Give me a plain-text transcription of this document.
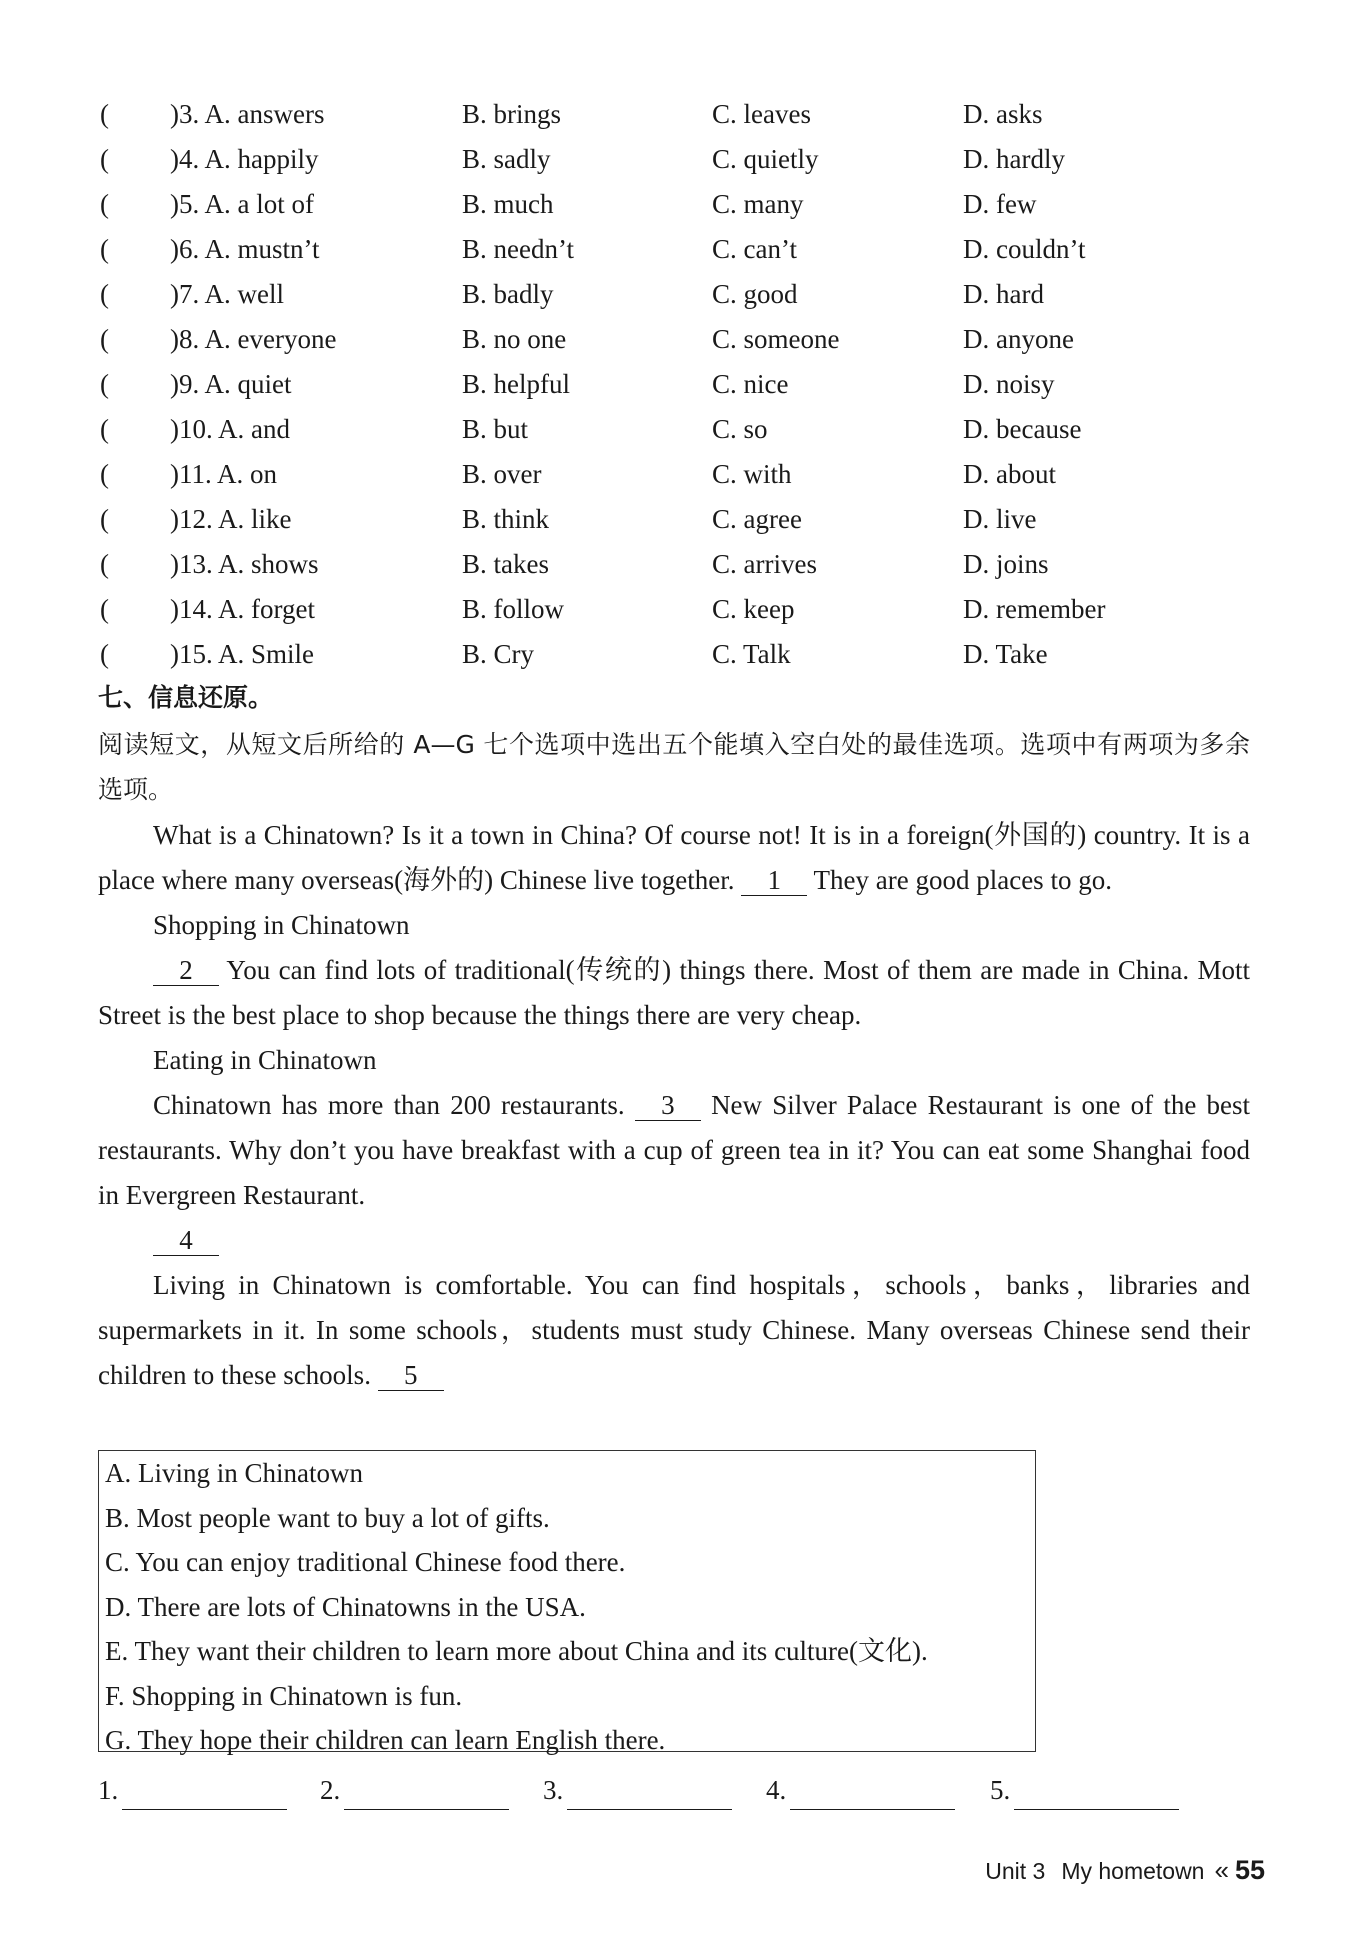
( )3. A. answers	B. brings	C. leaves	D. asks
( )4. A. happily	B. sadly	C. quietly	D. hardly
( )5. A. a lot of	B. much	C. many	D. few
( )6. A. mustn’t	B. needn’t	C. can’t	D. couldn’t
( )7. A. well	B. badly	C. good	D. hard
( )8. A. everyone	B. no one	C. someone	D. anyone
( )9. A. quiet	B. helpful	C. nice	D. noisy
( )10. A. and	B. but	C. so	D. because
( )11. A. on	B. over	C. with	D. about
( )12. A. like	B. think	C. agree	D. live
( )13. A. shows	B. takes	C. arrives	D. joins
( )14. A. forget	B. follow	C. keep	D. remember
( )15. A. Smile	B. Cry	C. Talk	D. Take
七、信息还原。
阅读短文，从短文后所给的 A—G 七个选项中选出五个能填入空白处的最佳选项。选项中有两项为多余选项。

What is a Chinatown? Is it a town in China? Of course not! It is in a foreign(外国的) country. It is a place where many overseas(海外的) Chinese live together. 1 They are good places to go.

Shopping in Chinatown

2 You can find lots of traditional(传统的) things there. Most of them are made in China. Mott Street is the best place to shop because the things there are very cheap.

Eating in Chinatown

Chinatown has more than 200 restaurants. 3 New Silver Palace Restaurant is one of the best restaurants. Why don’t you have breakfast with a cup of green tea in it? You can eat some Shanghai food in Evergreen Restaurant.

4

Living in Chinatown is comfortable. You can find hospitals，schools，banks，libraries and supermarkets in it. In some schools，students must study Chinese. Many overseas Chinese send their children to these schools. 5

A. Living in Chinatown
B. Most people want to buy a lot of gifts.
C. You can enjoy traditional Chinese food there.
D. There are lots of Chinatowns in the USA.
E. They want their children to learn more about China and its culture(文化).
F. Shopping in Chinatown is fun.
G. They hope their children can learn English there.
1.	2.	3.	4.	5.
Unit 3 My hometown « 55
